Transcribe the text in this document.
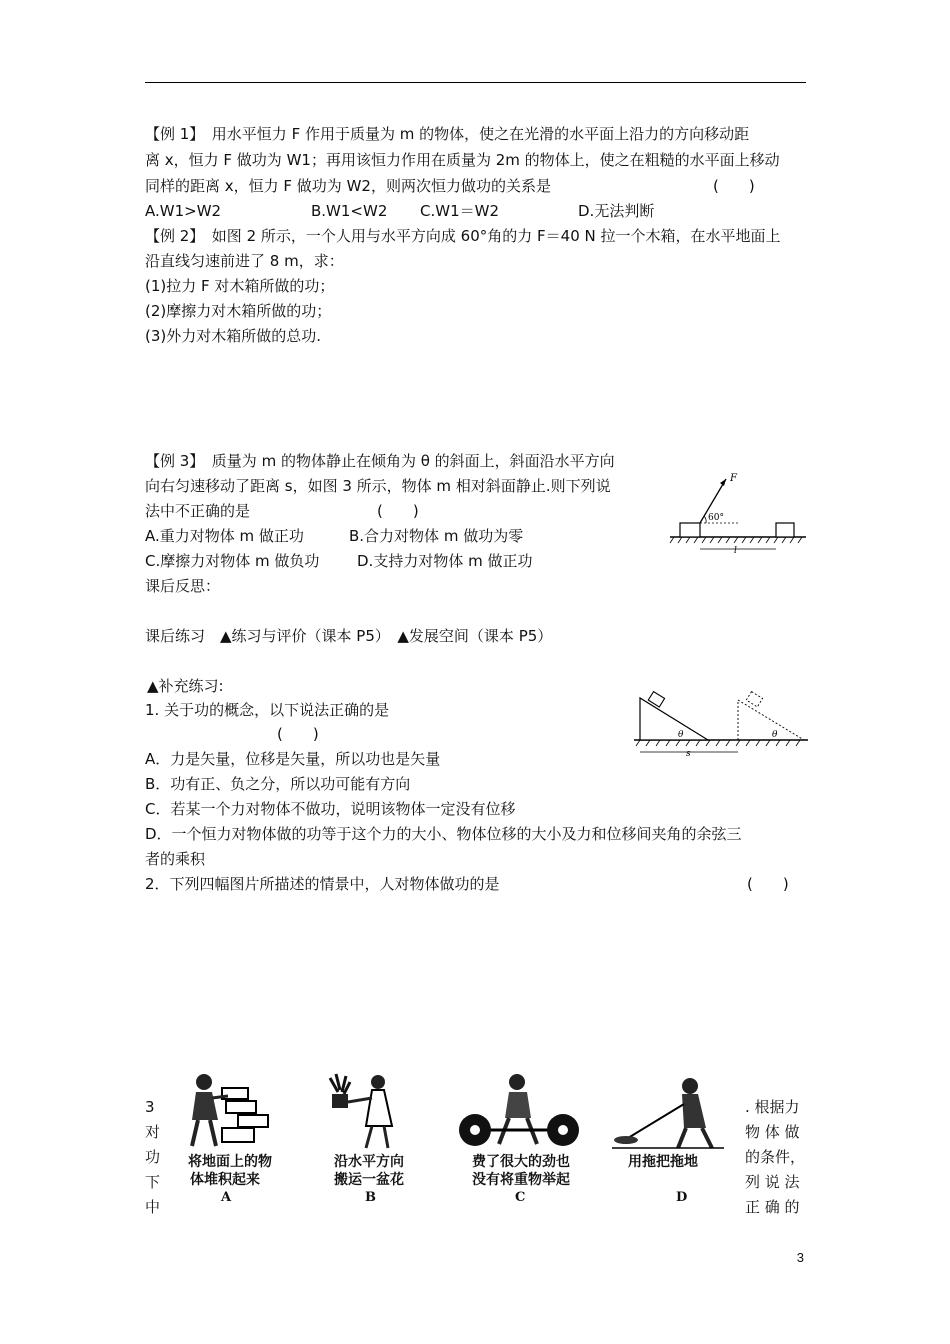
【例 1】　用水平恒力 F 作用于质量为 m 的物体，使之在光滑的水平面上沿力的方向移动距
离 x，恒力 F 做功为 W1；再用该恒力作用在质量为 2m 的物体上，使之在粗糙的水平面上移动
同样的距离 x，恒力 F 做功为 W2，则两次恒力做功的关系是	(　　)
A.W1>W2	B.W1<W2 C.W1＝W2	D.无法判断
【例 2】　如图 2 所示，一个人用与水平方向成 60°角的力 F＝40 N 拉一个木箱，在水平地面上
沿直线匀速前进了 8 m，求：
(1)拉力 F 对木箱所做的功；
(2)摩擦力对木箱所做的功；
(3)外力对木箱所做的总功.
【例 3】　质量为 m 的物体静止在倾角为 θ 的斜面上，斜面沿水平方向
向右匀速移动了距离 s，如图 3 所示，物体 m 相对斜面静止.则下列说
法中不正确的是	(　　)
A.重力对物体 m 做正功	B.合力对物体 m 做功为零
C.摩擦力对物体 m 做负功	D.支持力对物体 m 做正功
课后反思：
F
60°
l
课后练习　▲练习与评价（课本 P5）　▲发展空间（课本 P5）
▲补充练习:
1. 关于功的概念，以下说法正确的是
(　　)
A．力是矢量，位移是矢量，所以功也是矢量
B．功有正、负之分，所以功可能有方向
C．若某一个力对物体不做功，说明该物体一定没有位移
D．一个恒力对物体做的功等于这个力的大小、物体位移的大小及力和位移间夹角的余弦三
者的乘积
2．下列四幅图片所描述的情景中，人对物体做功的是	(　　)
θ	θ
s
3
对
功
下
中
. 根据力
物 体 做
的条件，
列 说 法
正 确 的
将地面上的物
体堆积起来
A
沿水平方向
搬运一盆花
B
费了很大的劲也
没有将重物举起
C
用拖把拖地
D
3
